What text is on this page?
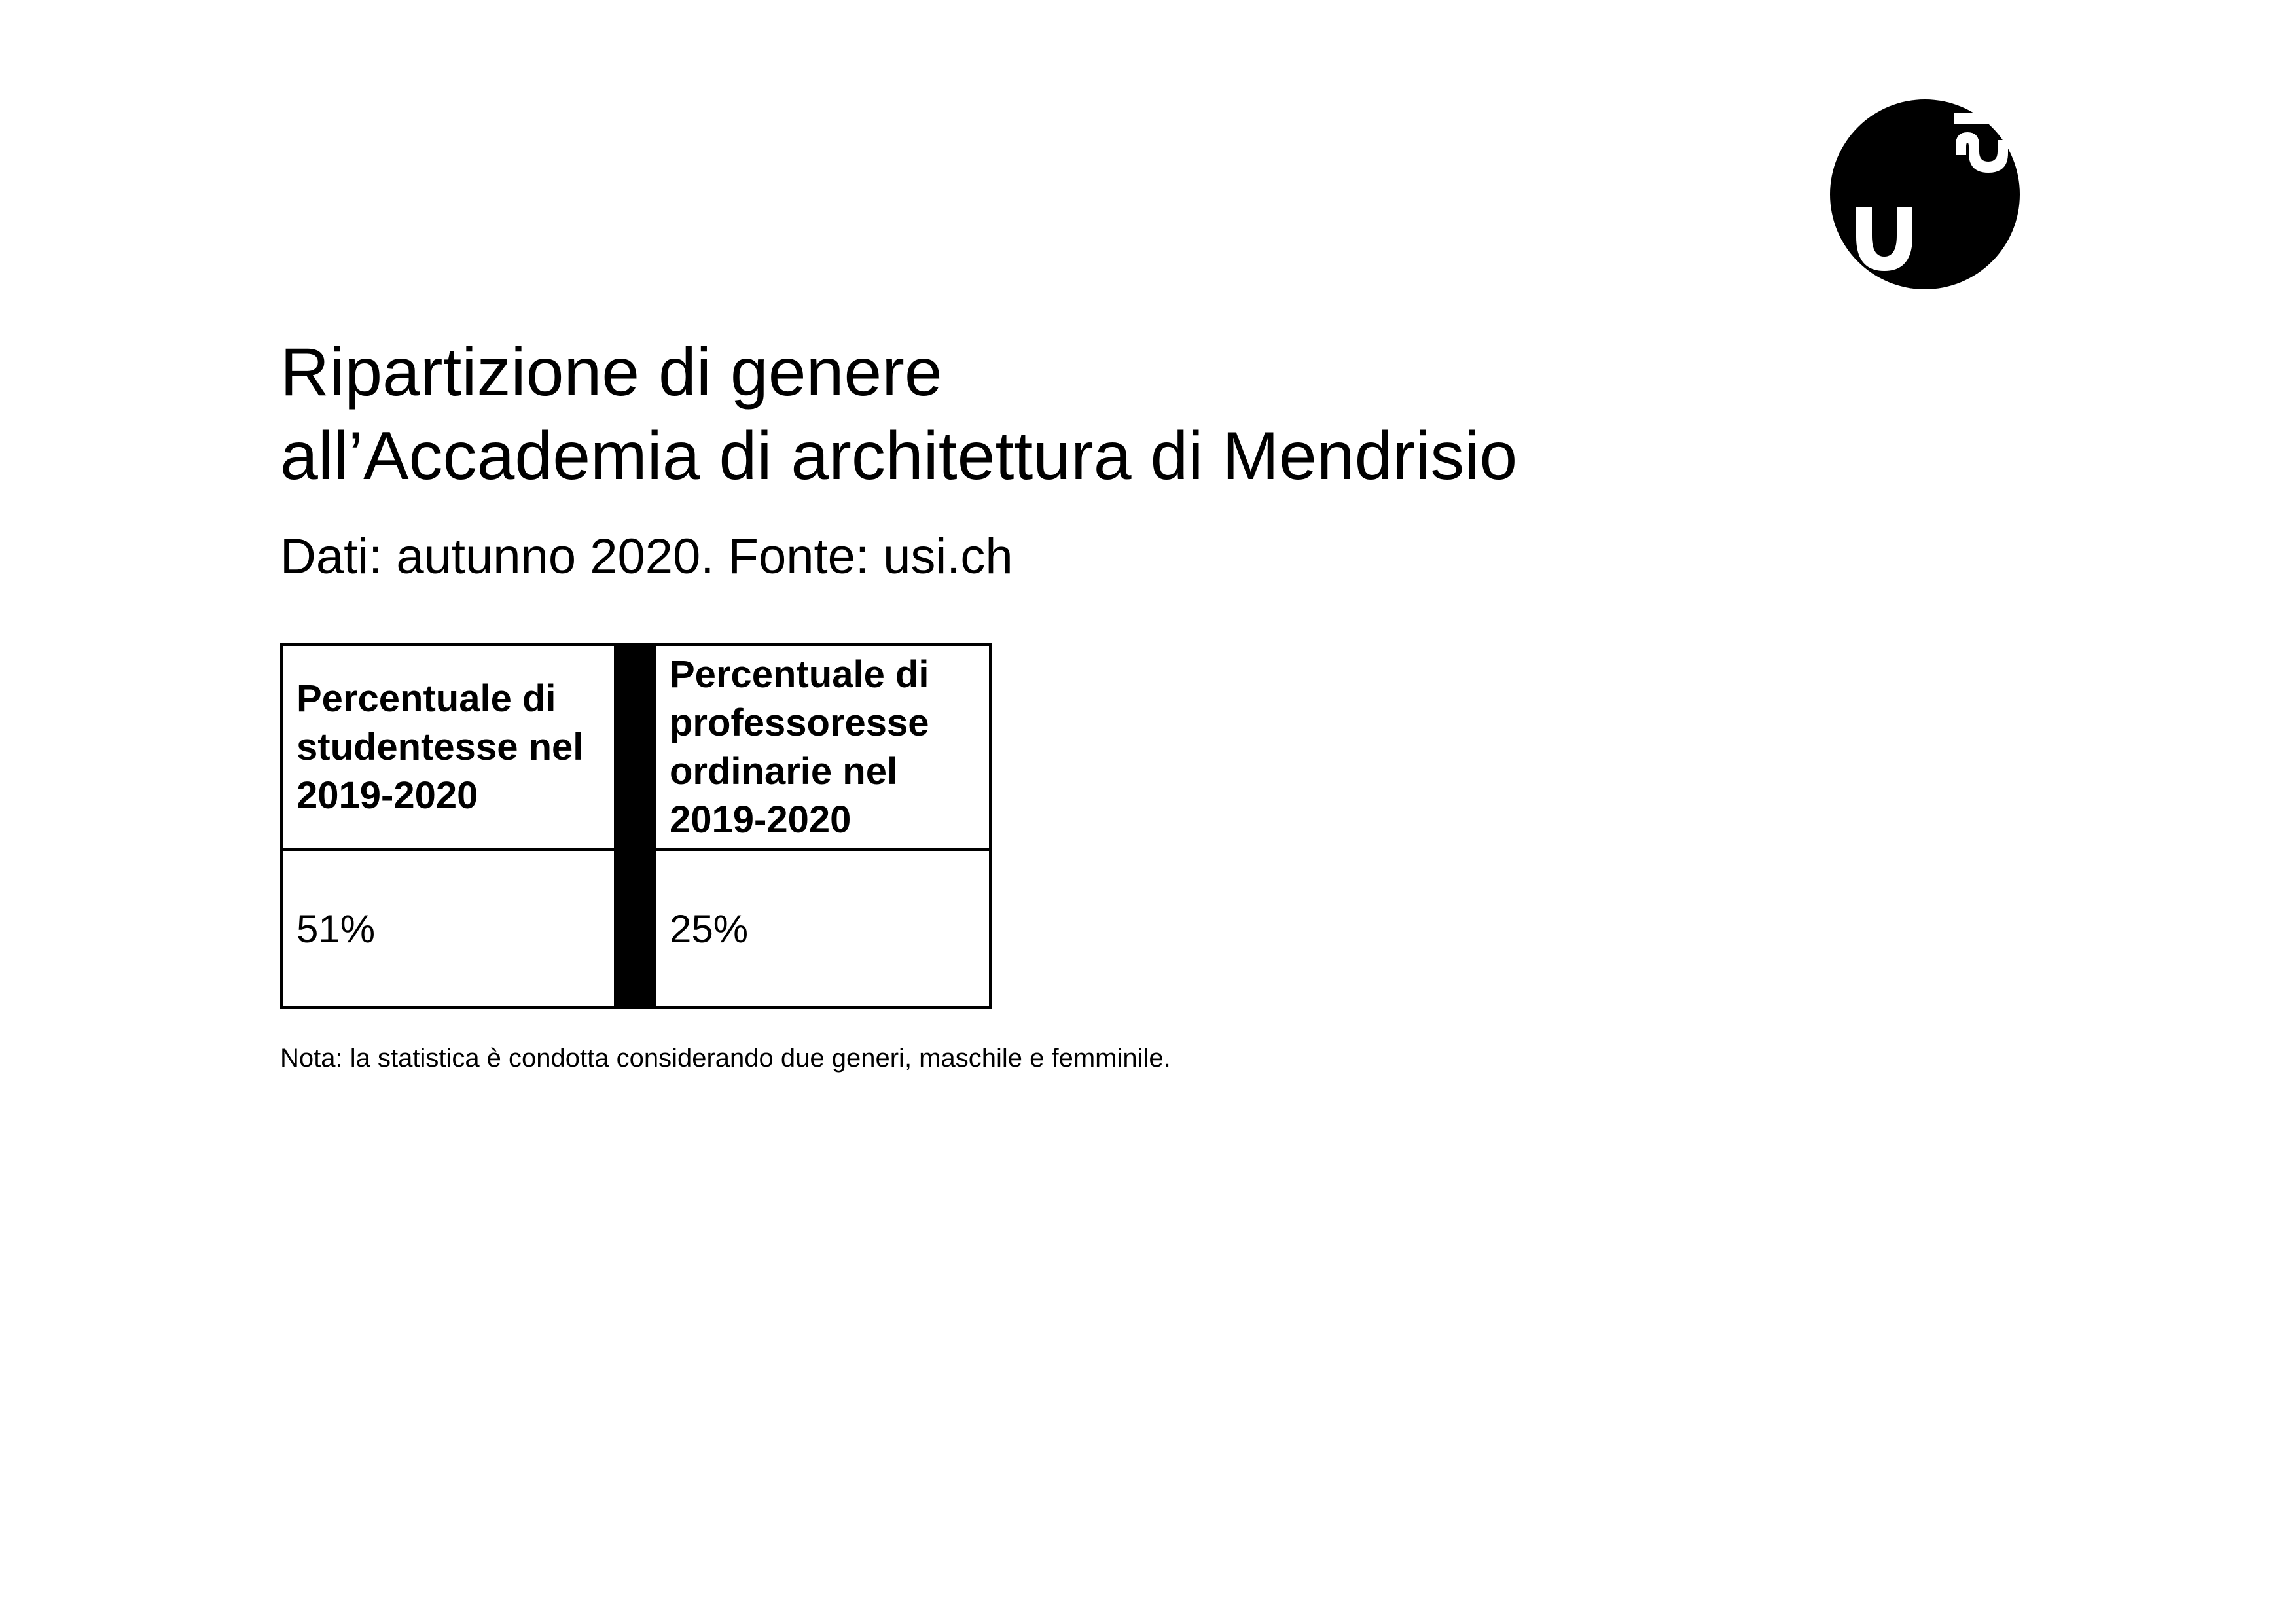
Ripartizione di genere
all’Accademia di architettura di Mendrisio

Dati: autunno 2020. Fonte: usi.ch

Percentuale di studentesse nel 2019-2020
51%
Percentuale di professoresse ordinarie nel 2019-2020
25%

Nota: la statistica è condotta considerando due generi, maschile e femminile.
